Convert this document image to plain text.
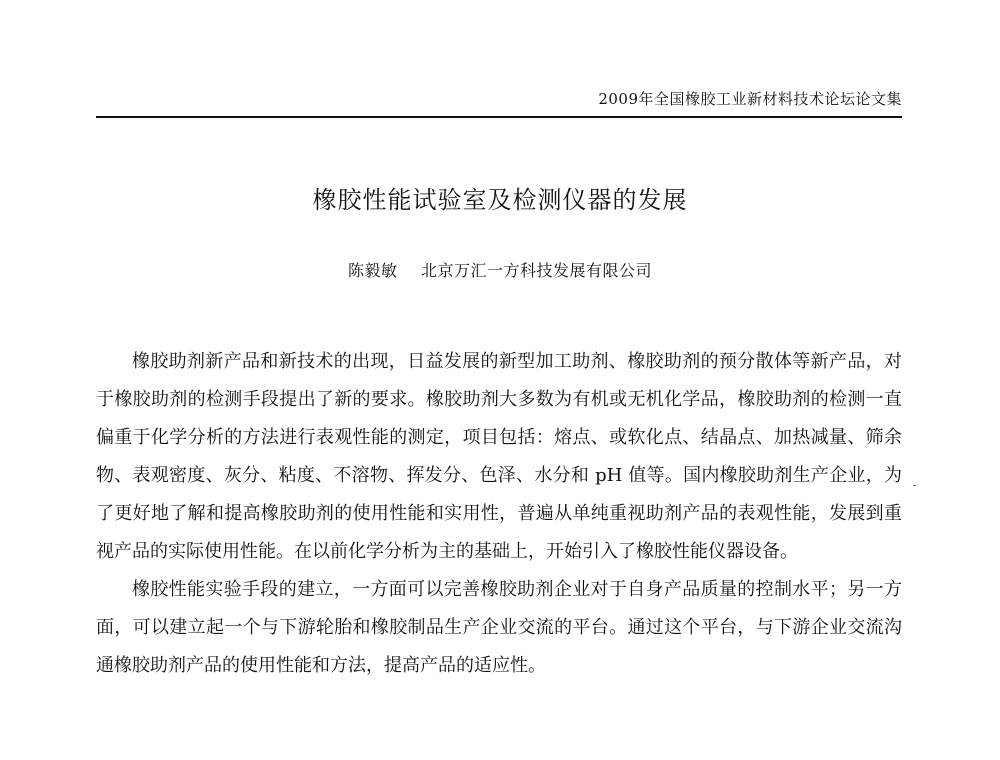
2009年全国橡胶工业新材料技术论坛论文集
橡胶性能试验室及检测仪器的发展
陈毅敏 北京万汇一方科技发展有限公司

橡胶助剂新产品和新技术的出现，日益发展的新型加工助剂、橡胶助剂的预分散体等新产品，对于橡胶助剂的检测手段提出了新的要求。橡胶助剂大多数为有机或无机化学品，橡胶助剂的检测一直偏重于化学分析的方法进行表观性能的测定，项目包括：熔点、或软化点、结晶点、加热减量、筛余物、表观密度、灰分、粘度、不溶物、挥发分、色泽、水分和 pH 值等。国内橡胶助剂生产企业，为了更好地了解和提高橡胶助剂的使用性能和实用性，普遍从单纯重视助剂产品的表观性能，发展到重视产品的实际使用性能。在以前化学分析为主的基础上，开始引入了橡胶性能仪器设备。

橡胶性能实验手段的建立，一方面可以完善橡胶助剂企业对于自身产品质量的控制水平；另一方面，可以建立起一个与下游轮胎和橡胶制品生产企业交流的平台。通过这个平台，与下游企业交流沟通橡胶助剂产品的使用性能和方法，提高产品的适应性。
